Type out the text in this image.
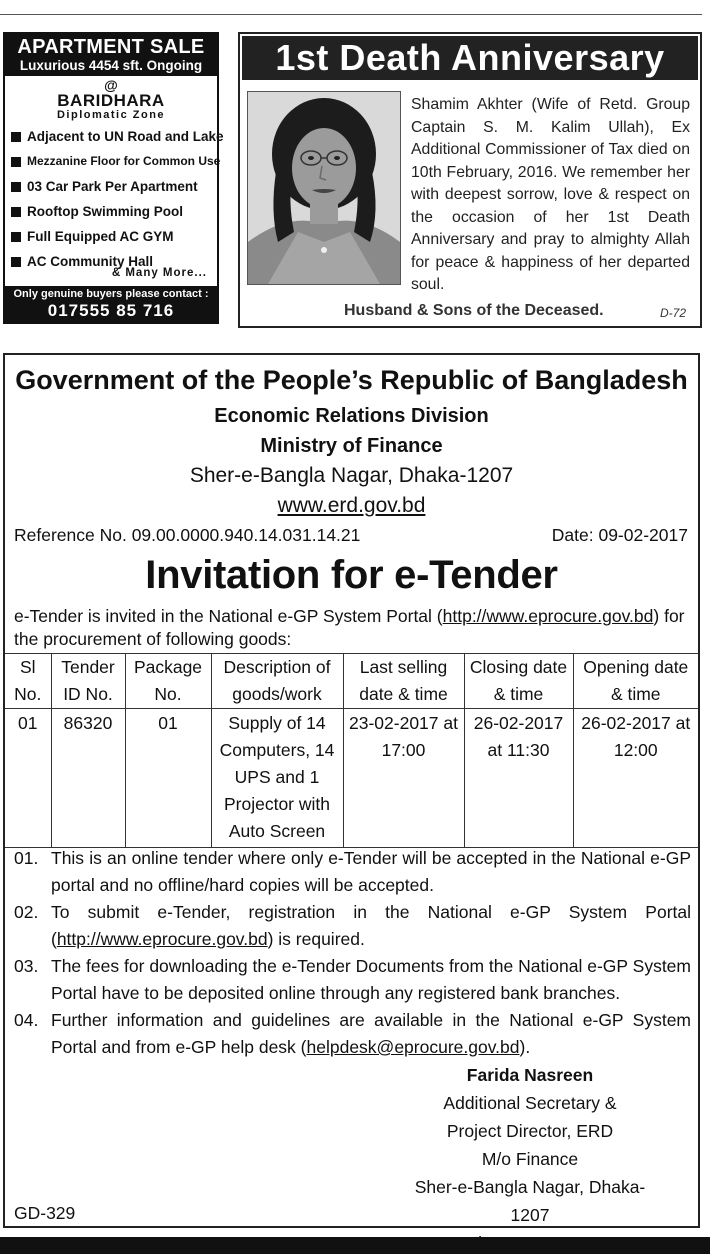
APARTMENT SALE
Luxurious 4454 sft. Ongoing
@
BARIDHARA
Diplomatic Zone
Adjacent to UN Road and Lake
Mezzanine Floor for Common Use
03 Car Park Per Apartment
Rooftop Swimming Pool
Full Equipped AC GYM
AC Community Hall
& Many More...
Only genuine buyers please contact :
017555 85 716
1st Death Anniversary
Shamim Akhter (Wife of Retd. Group Captain S. M. Kalim Ullah), Ex Additional Commissioner of Tax died on 10th February, 2016. We remember her with deepest sorrow, love & respect on the occasion of her 1st Death Anniversary and pray to almighty Allah for peace & happiness of her departed soul.
Husband & Sons of the Deceased.	D-72
Government of the People’s Republic of Bangladesh
Economic Relations Division
Ministry of Finance
Sher-e-Bangla Nagar, Dhaka-1207
www.erd.gov.bd
Reference No. 09.00.0000.940.14.031.14.21	Date: 09-02-2017
Invitation for e-Tender
e-Tender is invited in the National e-GP System Portal (http://www.eprocure.gov.bd) for the procurement of following goods:
Sl No.	Tender ID No.	Package No.	Description of goods/work	Last selling date & time	Closing date & time	Opening date & time
01	86320	01	Supply of 14 Computers, 14 UPS and 1 Projector with Auto Screen	23-02-2017 at 17:00	26-02-2017 at 11:30	26-02-2017 at 12:00
01. This is an online tender where only e-Tender will be accepted in the National e-GP portal and no offline/hard copies will be accepted.
02. To submit e-Tender, registration in the National e-GP System Portal (http://www.eprocure.gov.bd) is required.
03. The fees for downloading the e-Tender Documents from the National e-GP System Portal have to be deposited online through any registered bank branches.
04. Further information and guidelines are available in the National e-GP System Portal and from e-GP help desk (helpdesk@eprocure.gov.bd).
Farida Nasreen
Additional Secretary &
Project Director, ERD
M/o Finance
Sher-e-Bangla Nagar, Dhaka-1207
GD-329
